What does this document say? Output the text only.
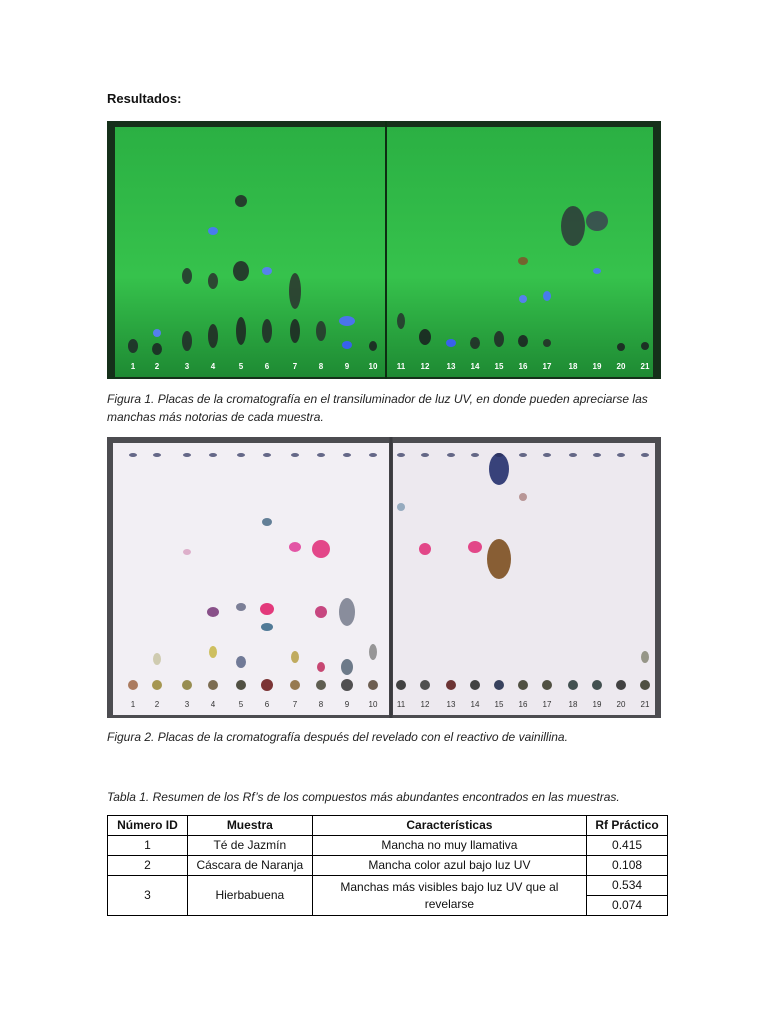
Resultados:
1 2	3	4	5	6	7	8	9 10 11 12 13 14 15 16 17 18 19 20 21
Figura 1. Placas de la cromatografía en el transiluminador de luz UV, en donde pueden apreciarse las manchas más notorias de cada muestra.
1 2	3	4	5	6	7	8	9 10 11 12 13 14 15 16 17 18 19 20 21
Figura 2. Placas de la cromatografía después del revelado con el reactivo de vainillina.
Tabla 1. Resumen de los Rf’s de los compuestos más abundantes encontrados en las muestras.
Número ID	Muestra	Características	Rf Práctico
1	Té de Jazmín	Mancha no muy llamativa	0.415
2	Cáscara de Naranja	Mancha color azul bajo luz UV	0.108
3	Hierbabuena	Manchas más visibles bajo luz UV que al revelarse	0.534
			0.074
